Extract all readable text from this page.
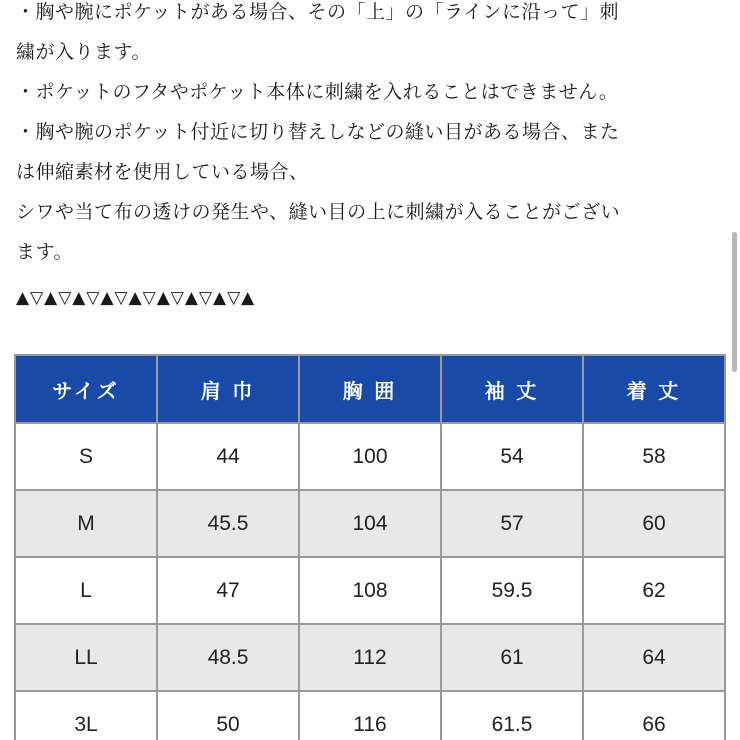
・胸や腕にポケットがある場合、その「上」の「ラインに沿って」刺
繍が入ります。
・ポケットのフタやポケット本体に刺繍を入れることはできません。
・胸や腕のポケット付近に切り替えしなどの縫い目がある場合、また
は伸縮素材を使用している場合、
シワや当て布の透けの発生や、縫い目の上に刺繍が入ることがござい
ます。
▲▽▲▽▲▽▲▽▲▽▲▽▲▽▲▽▲
サイズ	肩 巾	胸 囲	袖 丈	着 丈
S	44	100	54	58
M	45.5	104	57	60
L	47	108	59.5	62
LL	48.5	112	61	64
3L	50	116	61.5	66
